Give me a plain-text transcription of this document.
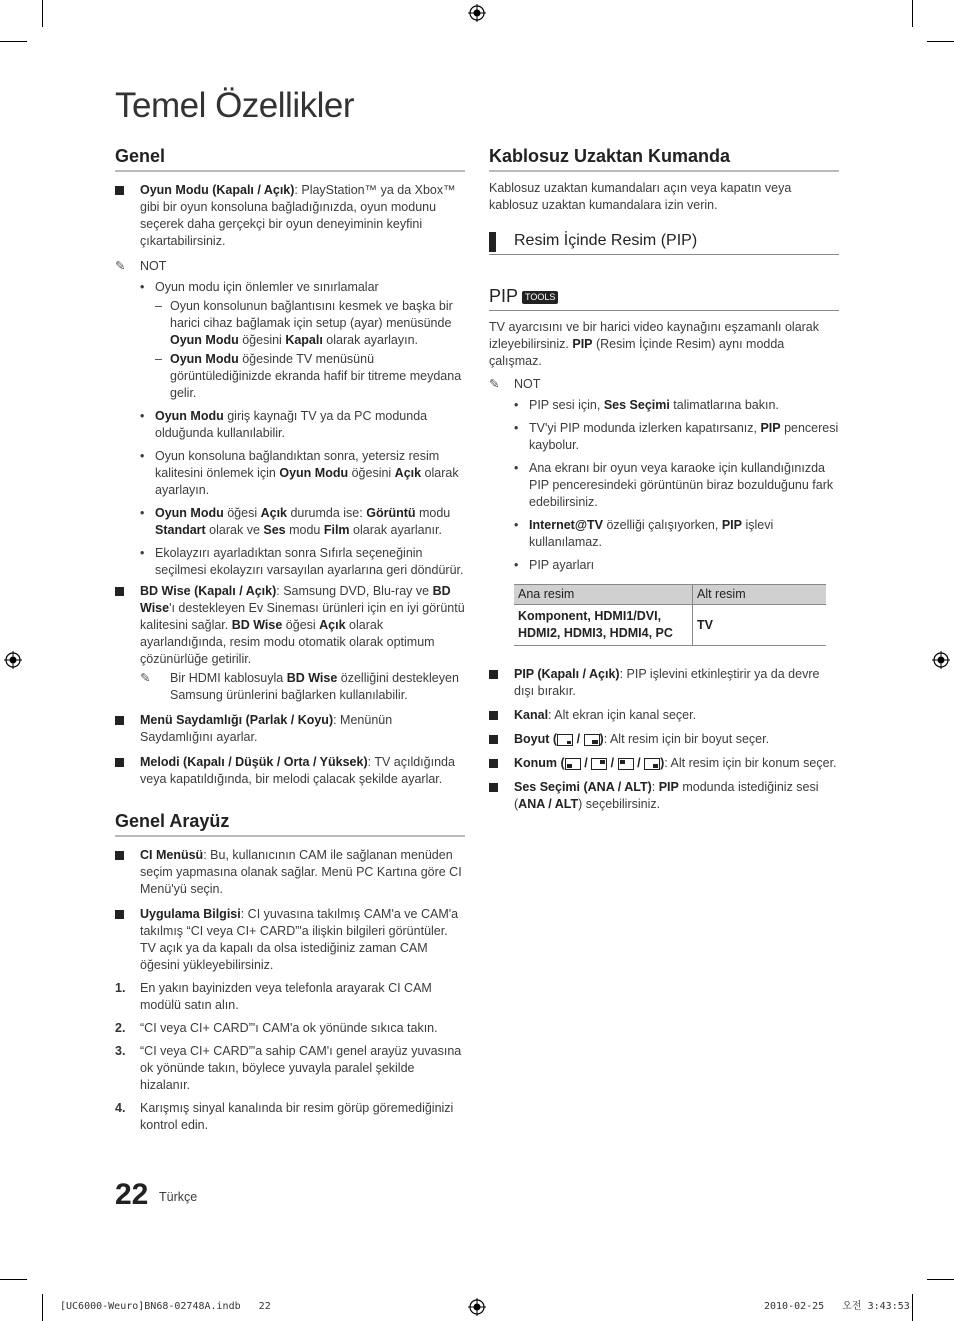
Temel Özellikler
Genel
Oyun Modu (Kapalı / Açık): PlayStation™ ya da Xbox™ gibi bir oyun konsoluna bağladığınızda, oyun modunu seçerek daha gerçekçi bir oyun deneyiminin keyfini çıkartabilirsiniz.
✎ NOT
• Oyun modu için önlemler ve sınırlamalar
– Oyun konsolunun bağlantısını kesmek ve başka bir harici cihaz bağlamak için setup (ayar) menüsünde Oyun Modu öğesini Kapalı olarak ayarlayın.
– Oyun Modu öğesinde TV menüsünü görüntülediğinizde ekranda hafif bir titreme meydana gelir.
• Oyun Modu giriş kaynağı TV ya da PC modunda olduğunda kullanılabilir.
• Oyun konsoluna bağlandıktan sonra, yetersiz resim kalitesini önlemek için Oyun Modu öğesini Açık olarak ayarlayın.
• Oyun Modu öğesi Açık durumda ise: Görüntü modu Standart olarak ve Ses modu Film olarak ayarlanır.
• Ekolayzırı ayarladıktan sonra Sıfırla seçeneğinin seçilmesi ekolayzırı varsayılan ayarlarına geri döndürür.
BD Wise (Kapalı / Açık): Samsung DVD, Blu-ray ve BD Wise'ı destekleyen Ev Sineması ürünleri için en iyi görüntü kalitesini sağlar. BD Wise öğesi Açık olarak ayarlandığında, resim modu otomatik olarak optimum çözünürlüğe getirilir.
✎ Bir HDMI kablosuyla BD Wise özelliğini destekleyen Samsung ürünlerini bağlarken kullanılabilir.
Menü Saydamlığı (Parlak / Koyu): Menünün Saydamlığını ayarlar.
Melodi (Kapalı / Düşük / Orta / Yüksek): TV açıldığında veya kapatıldığında, bir melodi çalacak şekilde ayarlar.
Genel Arayüz
CI Menüsü: Bu, kullanıcının CAM ile sağlanan menüden seçim yapmasına olanak sağlar. Menü PC Kartına göre CI Menü'yü seçin.
Uygulama Bilgisi: CI yuvasına takılmış CAM'a ve CAM'a takılmış “CI veya CI+ CARD”'a ilişkin bilgileri görüntüler. TV açık ya da kapalı da olsa istediğiniz zaman CAM öğesini yükleyebilirsiniz.
1. En yakın bayinizden veya telefonla arayarak CI CAM modülü satın alın.
2. “CI veya CI+ CARD”'ı CAM'a ok yönünde sıkıca takın.
3. “CI veya CI+ CARD”'a sahip CAM'ı genel arayüz yuvasına ok yönünde takın, böylece yuvayla paralel şekilde hizalanır.
4. Karışmış sinyal kanalında bir resim görüp göremediğinizi kontrol edin.
Kablosuz Uzaktan Kumanda

Kablosuz uzaktan kumandaları açın veya kapatın veya kablosuz uzaktan kumandalara izin verin.

Resim İçinde Resim (PIP)
PIP TOOLS

TV ayarcısını ve bir harici video kaynağını eşzamanlı olarak izleyebilirsiniz. PIP (Resim İçinde Resim) aynı modda çalışmaz.

✎ NOT
• PIP sesi için, Ses Seçimi talimatlarına bakın.
• TV'yi PIP modunda izlerken kapatırsanız, PIP penceresi kaybolur.
• Ana ekranı bir oyun veya karaoke için kullandığınızda PIP penceresindeki görüntünün biraz bozulduğunu fark edebilirsiniz.
• Internet@TV özelliği çalışıyorken, PIP işlevi kullanılamaz.
• PIP ayarları
Ana resim	Alt resim
Komponent, HDMI1/DVI,
HDMI2, HDMI3, HDMI4, PC	TV
PIP (Kapalı / Açık): PIP işlevini etkinleştirir ya da devre dışı bırakır.
Kanal: Alt ekran için kanal seçer.
Boyut ( / ): Alt resim için bir boyut seçer.
Konum ( / / / ): Alt resim için bir konum seçer.
Ses Seçimi (ANA / ALT): PIP modunda istediğiniz sesi (ANA / ALT) seçebilirsiniz.
22 Türkçe
[UC6000-Weuro]BN68-02748A.indb   22	2010-02-25   오전 3:43:53
